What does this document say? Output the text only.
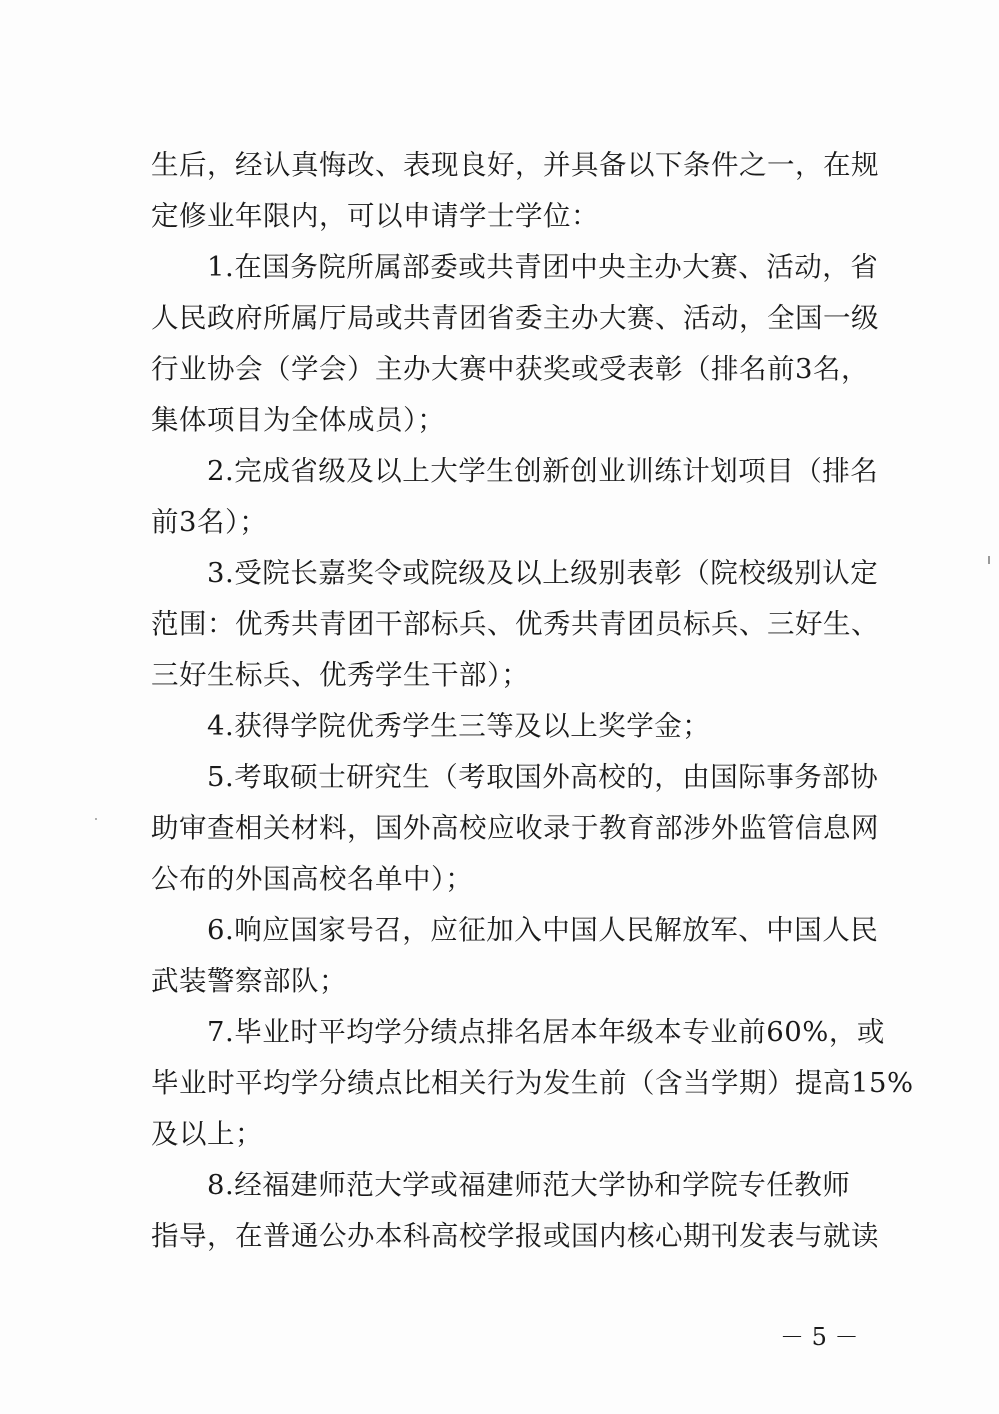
生后，经认真悔改、表现良好，并具备以下条件之一，在规
定修业年限内，可以申请学士学位：
1.在国务院所属部委或共青团中央主办大赛、活动，省
人民政府所属厅局或共青团省委主办大赛、活动，全国一级
行业协会（学会）主办大赛中获奖或受表彰（排名前3名，
集体项目为全体成员）；
2.完成省级及以上大学生创新创业训练计划项目（排名
前3名）；
3.受院长嘉奖令或院级及以上级别表彰（院校级别认定
范围：优秀共青团干部标兵、优秀共青团员标兵、三好生、
三好生标兵、优秀学生干部）；
4.获得学院优秀学生三等及以上奖学金；
5.考取硕士研究生（考取国外高校的，由国际事务部协
助审查相关材料，国外高校应收录于教育部涉外监管信息网
公布的外国高校名单中）；
6.响应国家号召，应征加入中国人民解放军、中国人民
武装警察部队；
7.毕业时平均学分绩点排名居本年级本专业前60%，或
毕业时平均学分绩点比相关行为发生前（含当学期）提高15%
及以上；
8.经福建师范大学或福建师范大学协和学院专任教师
指导，在普通公办本科高校学报或国内核心期刊发表与就读
－ 5 －
